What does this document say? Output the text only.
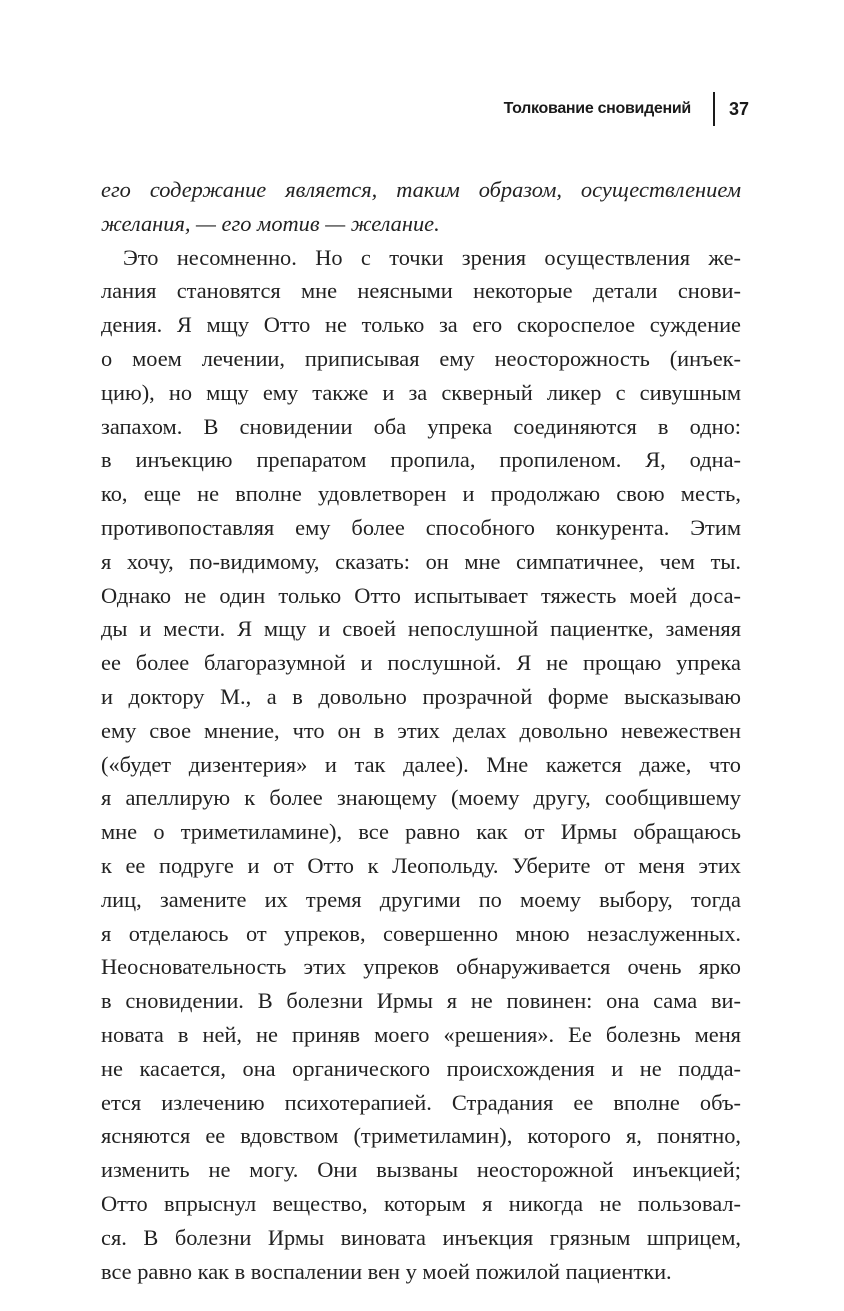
Толкование сновидений 37
его содержание является, таким образом, осуществлением
желания, — его мотив — желание.
Это несомненно. Но с точки зрения осуществления же-
лания становятся мне неясными некоторые детали снови-
дения. Я мщу Отто не только за его скороспелое суждение
о моем лечении, приписывая ему неосторожность (инъек-
цию), но мщу ему также и за скверный ликер с сивушным
запахом. В сновидении оба упрека соединяются в одно:
в инъекцию препаратом пропила, пропиленом. Я, одна-
ко, еще не вполне удовлетворен и продолжаю свою месть,
противопоставляя ему более способного конкурента. Этим
я хочу, по-видимому, сказать: он мне симпатичнее, чем ты.
Однако не один только Отто испытывает тяжесть моей доса-
ды и мести. Я мщу и своей непослушной пациентке, заменяя
ее более благоразумной и послушной. Я не прощаю упрека
и доктору М., а в довольно прозрачной форме высказываю
ему свое мнение, что он в этих делах довольно невежествен
(«будет дизентерия» и так далее). Мне кажется даже, что
я апеллирую к более знающему (моему другу, сообщившему
мне о триметиламине), все равно как от Ирмы обращаюсь
к ее подруге и от Отто к Леопольду. Уберите от меня этих
лиц, замените их тремя другими по моему выбору, тогда
я отделаюсь от упреков, совершенно мною незаслуженных.
Неосновательность этих упреков обнаруживается очень ярко
в сновидении. В болезни Ирмы я не повинен: она сама ви-
новата в ней, не приняв моего «решения». Ее болезнь меня
не касается, она органического происхождения и не подда-
ется излечению психотерапией. Страдания ее вполне объ-
ясняются ее вдовством (триметиламин), которого я, понятно,
изменить не могу. Они вызваны неосторожной инъекцией;
Отто впрыснул вещество, которым я никогда не пользовал-
ся. В болезни Ирмы виновата инъекция грязным шприцем,
все равно как в воспалении вен у моей пожилой пациентки.
